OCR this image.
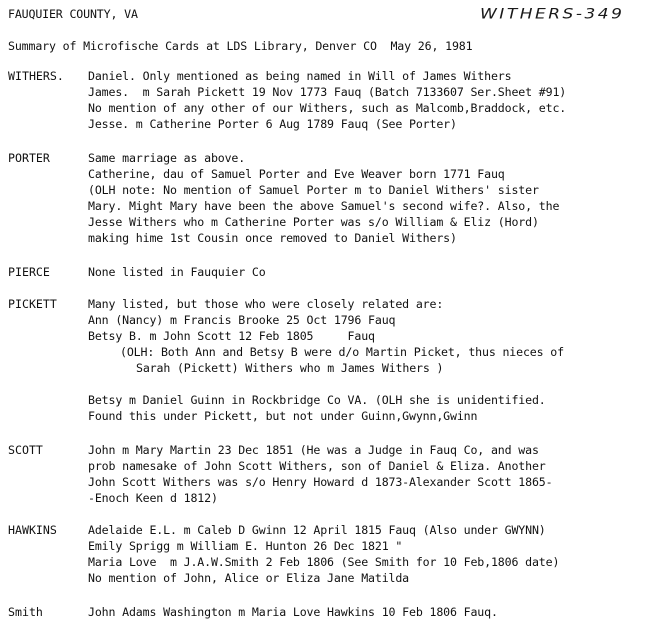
FAUQUIER COUNTY, VA	WITHERS-349
Summary of Microfische Cards at LDS Library, Denver CO  May 26, 1981
WITHERS. Daniel. Only mentioned as being named in Will of James Withers
James.  m Sarah Pickett 19 Nov 1773 Fauq (Batch 7133607 Ser.Sheet #91)
No mention of any other of our Withers, such as Malcomb,Braddock, etc.
Jesse. m Catherine Porter 6 Aug 1789 Fauq (See Porter)
PORTER	Same marriage as above.
Catherine, dau of Samuel Porter and Eve Weaver born 1771 Fauq
(OLH note: No mention of Samuel Porter m to Daniel Withers' sister
Mary. Might Mary have been the above Samuel's second wife?. Also, the
Jesse Withers who m Catherine Porter was s/o William & Eliz (Hord)
making hime 1st Cousin once removed to Daniel Withers)
PIERCE	None listed in Fauquier Co
PICKETT	Many listed, but those who were closely related are:
Ann (Nancy) m Francis Brooke 25 Oct 1796 Fauq
Betsy B. m John Scott 12 Feb 1805     Fauq
(OLH: Both Ann and Betsy B were d/o Martin Picket, thus nieces of
Sarah (Pickett) Withers who m James Withers )
Betsy m Daniel Guinn in Rockbridge Co VA. (OLH she is unidentified.
Found this under Pickett, but not under Guinn,Gwynn,Gwinn
SCOTT	John m Mary Martin 23 Dec 1851 (He was a Judge in Fauq Co, and was
prob namesake of John Scott Withers, son of Daniel & Eliza. Another
John Scott Withers was s/o Henry Howard d 1873-Alexander Scott 1865-
-Enoch Keen d 1812)
HAWKINS	Adelaide E.L. m Caleb D Gwinn 12 April 1815 Fauq (Also under GWYNN)
Emily Sprigg m William E. Hunton 26 Dec 1821 "
Maria Love  m J.A.W.Smith 2 Feb 1806 (See Smith for 10 Feb,1806 date)
No mention of John, Alice or Eliza Jane Matilda
Smith	John Adams Washington m Maria Love Hawkins 10 Feb 1806 Fauq.
